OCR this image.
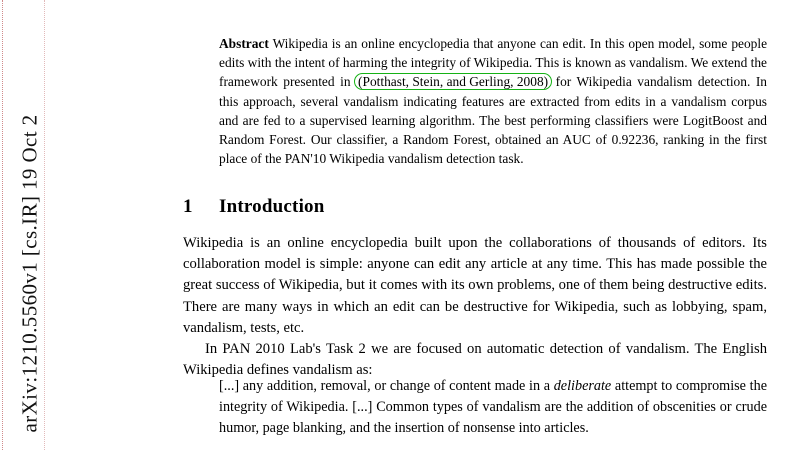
arXiv:1210.5560v1 [cs.IR] 19 Oct 2
Abstract Wikipedia is an online encyclopedia that anyone can edit. In this open model, some people edits with the intent of harming the integrity of Wikipedia. This is known as vandalism. We extend the framework presented in (Potthast, Stein, and Gerling, 2008) for Wikipedia vandalism detection. In this approach, several vandalism indicating features are extracted from edits in a vandalism corpus and are fed to a supervised learning algorithm. The best performing classifiers were LogitBoost and Random Forest. Our classifier, a Random Forest, obtained an AUC of 0.92236, ranking in the first place of the PAN'10 Wikipedia vandalism detection task.
1 Introduction

Wikipedia is an online encyclopedia built upon the collaborations of thousands of editors. Its collaboration model is simple: anyone can edit any article at any time. This has made possible the great success of Wikipedia, but it comes with its own problems, one of them being destructive edits. There are many ways in which an edit can be destructive for Wikipedia, such as lobbying, spam, vandalism, tests, etc.

In PAN 2010 Lab's Task 2 we are focused on automatic detection of vandalism. The English Wikipedia defines vandalism as:

[...] any addition, removal, or change of content made in a deliberate attempt to compromise the integrity of Wikipedia. [...] Common types of vandalism are the addition of obscenities or crude humor, page blanking, and the insertion of nonsense into articles.
